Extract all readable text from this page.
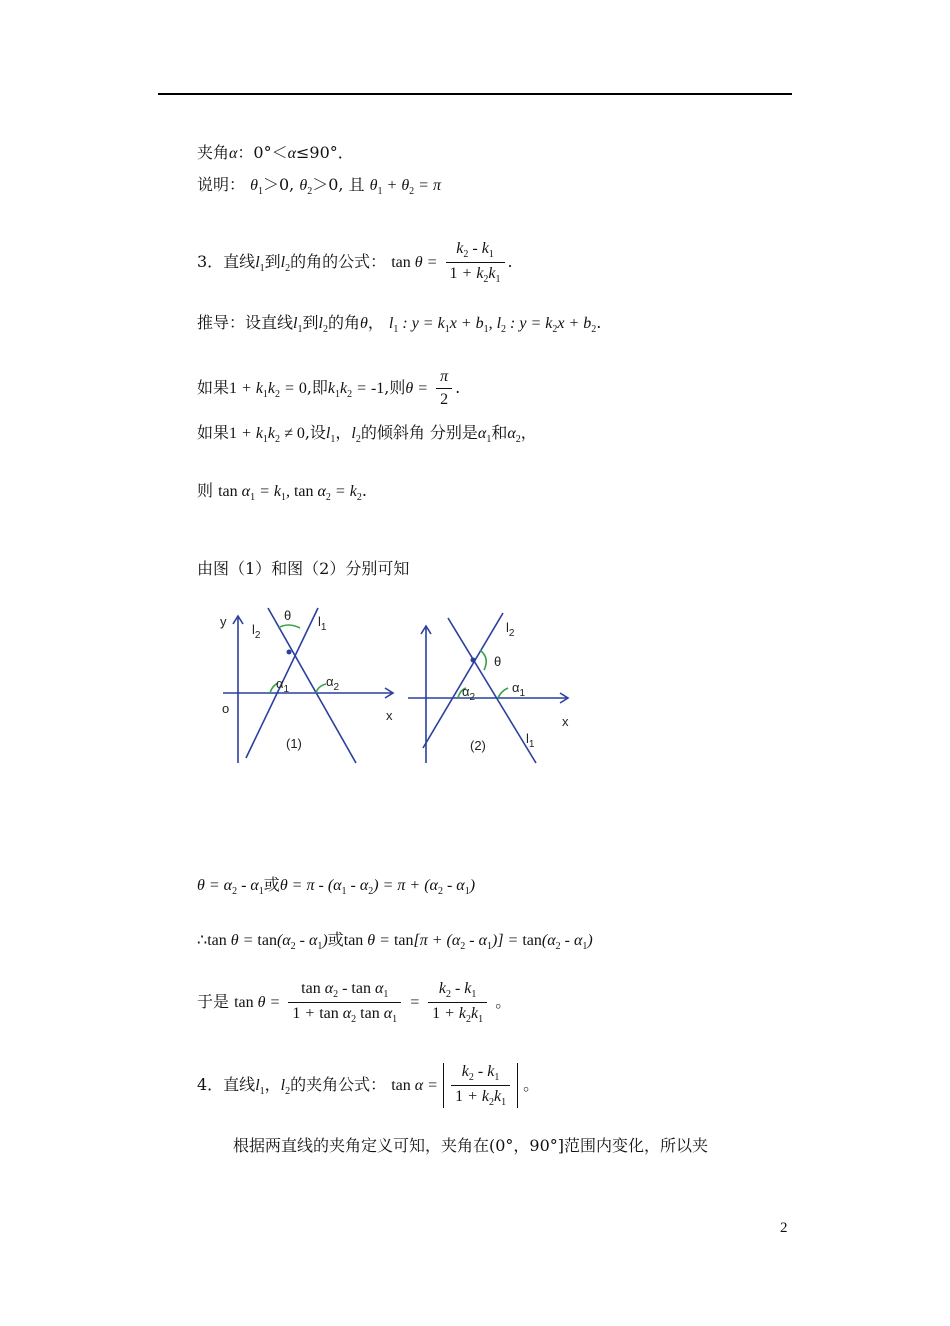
夹角α：0°＜α≤90°．
说明： $\theta_1>0$, $\theta_2>0$, 且 $\theta_1 + \theta_2 = \pi$
3．直线$l_1$到$l_2$的角的公式： $\tan \theta = \frac{k_2 - k_1}{1 + k_2k_1}$ .
推导：设直线$l_1$到$l_2$的角θ， $l_1$ : $y = k_1x + b_1$, $l_2$ : $y = k_2x + b_2$.
如果$1 + k_1k_2 = 0$,即$k_1k_2 = -1$,则$\theta = \frac{\pi}{2}$ .
如果$1 + k_1k_2 \ne 0$,设$l_1$，$l_2$的倾斜角 分别是$\alpha_1$和$\alpha_2$，
则 $\tan \alpha_1 = k_1$, $\tan \alpha_2 = k_2$.
由图（1）和图（2）分别可知
y
$l_2$
$l_1$
θ
$\alpha_1$
$\alpha_2$
o	x
(1)
$l_2$
θ
$\alpha_2$
$\alpha_1$
x
$l_1$
(2)
$\theta = \alpha_2 - \alpha_1$或$\theta = \pi - (\alpha_1 - \alpha_2) = \pi + (\alpha_2 - \alpha_1)$
∴tan $\theta = \tan(\alpha_2 - \alpha_1)$或$\tan \theta = \tan[\pi + (\alpha_2 - \alpha_1)] = \tan(\alpha_2 - \alpha_1)$
于是 $\tan \theta = \frac{\tan \alpha_2 - \tan \alpha_1}{1 + \tan \alpha_2 \tan \alpha_1} = \frac{k_2 - k_1}{1 + k_2k_1}$ 。
4．直线$l_1$，$l_2$的夹角公式： $\tan \alpha = \frac{k_2 - k_1}{1 + k_2k_1}$ 。
根据两直线的夹角定义可知，夹角在(0°，90°]范围内变化，所以夹
2
